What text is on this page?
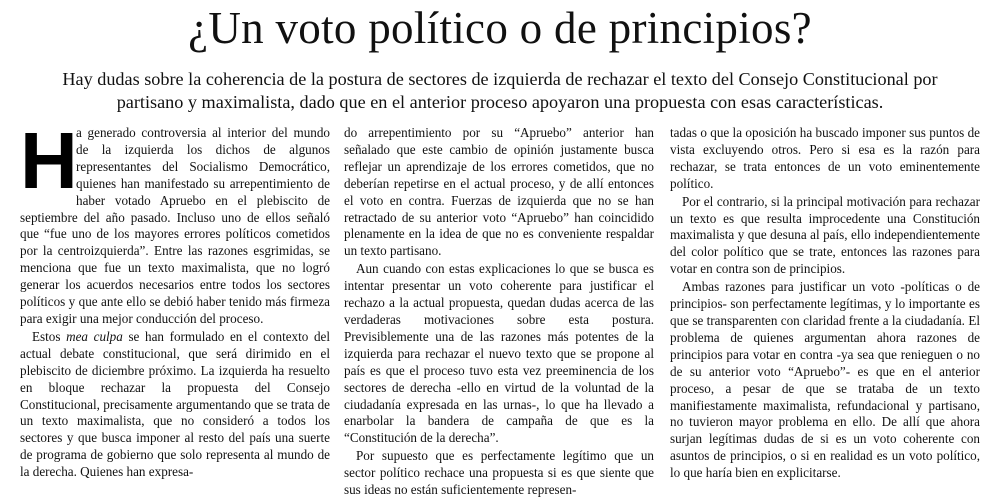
¿Un voto político o de principios?

Hay dudas sobre la coherencia de la postura de sectores de izquierda de rechazar el texto del Consejo Constitucional por partisano y maximalista, dado que en el anterior proceso apoyaron una propuesta con esas características.

H
a generado controversia al interior del mundo de la izquierda los dichos de algunos representantes del Socialismo Democrático, quienes han manifestado su arrepentimiento de haber votado Apruebo en el plebiscito de septiembre del año pasado. Incluso uno de ellos señaló que “fue uno de los mayores errores políticos cometidos por la centroizquierda”. Entre las razones esgrimidas, se menciona que fue un texto maximalista, que no logró generar los acuerdos necesarios entre todos los sectores políticos y que ante ello se debió haber tenido más firmeza para exigir una mejor conducción del proceso.

Estos mea culpa se han formulado en el contexto del actual debate constitucional, que será dirimido en el plebiscito de diciembre próximo. La izquierda ha resuelto en bloque rechazar la propuesta del Consejo Constitucional, precisamente argumentando que se trata de un texto maximalista, que no consideró a todos los sectores y que busca imponer al resto del país una suerte de programa de gobierno que solo representa al mundo de la derecha. Quienes han expresa-

do arrepentimiento por su “Apruebo” anterior han señalado que este cambio de opinión justamente busca reflejar un aprendizaje de los errores cometidos, que no deberían repetirse en el actual proceso, y de allí entonces el voto en contra. Fuerzas de izquierda que no se han retractado de su anterior voto “Apruebo” han coincidido plenamente en la idea de que no es conveniente respaldar un texto partisano.

Aun cuando con estas explicaciones lo que se busca es intentar presentar un voto coherente para justificar el rechazo a la actual propuesta, quedan dudas acerca de las verdaderas motivaciones sobre esta postura. Previsiblemente una de las razones más potentes de la izquierda para rechazar el nuevo texto que se propone al país es que el proceso tuvo esta vez preeminencia de los sectores de derecha -ello en virtud de la voluntad de la ciudadanía expresada en las urnas-, lo que ha llevado a enarbolar la bandera de campaña de que es la “Constitución de la derecha”.

Por supuesto que es perfectamente legítimo que un sector político rechace una propuesta si es que siente que sus ideas no están suficientemente represen-

tadas o que la oposición ha buscado imponer sus puntos de vista excluyendo otros. Pero si esa es la razón para rechazar, se trata entonces de un voto eminentemente político.

Por el contrario, si la principal motivación para rechazar un texto es que resulta improcedente una Constitución maximalista y que desuna al país, ello independientemente del color político que se trate, entonces las razones para votar en contra son de principios.

Ambas razones para justificar un voto -políticas o de principios- son perfectamente legítimas, y lo importante es que se transparenten con claridad frente a la ciudadanía. El problema de quienes argumentan ahora razones de principios para votar en contra -ya sea que renieguen o no de su anterior voto “Apruebo”- es que en el anterior proceso, a pesar de que se trataba de un texto manifiestamente maximalista, refundacional y partisano, no tuvieron mayor problema en ello. De allí que ahora surjan legítimas dudas de si es un voto coherente con asuntos de principios, o si en realidad es un voto político, lo que haría bien en explicitarse.
